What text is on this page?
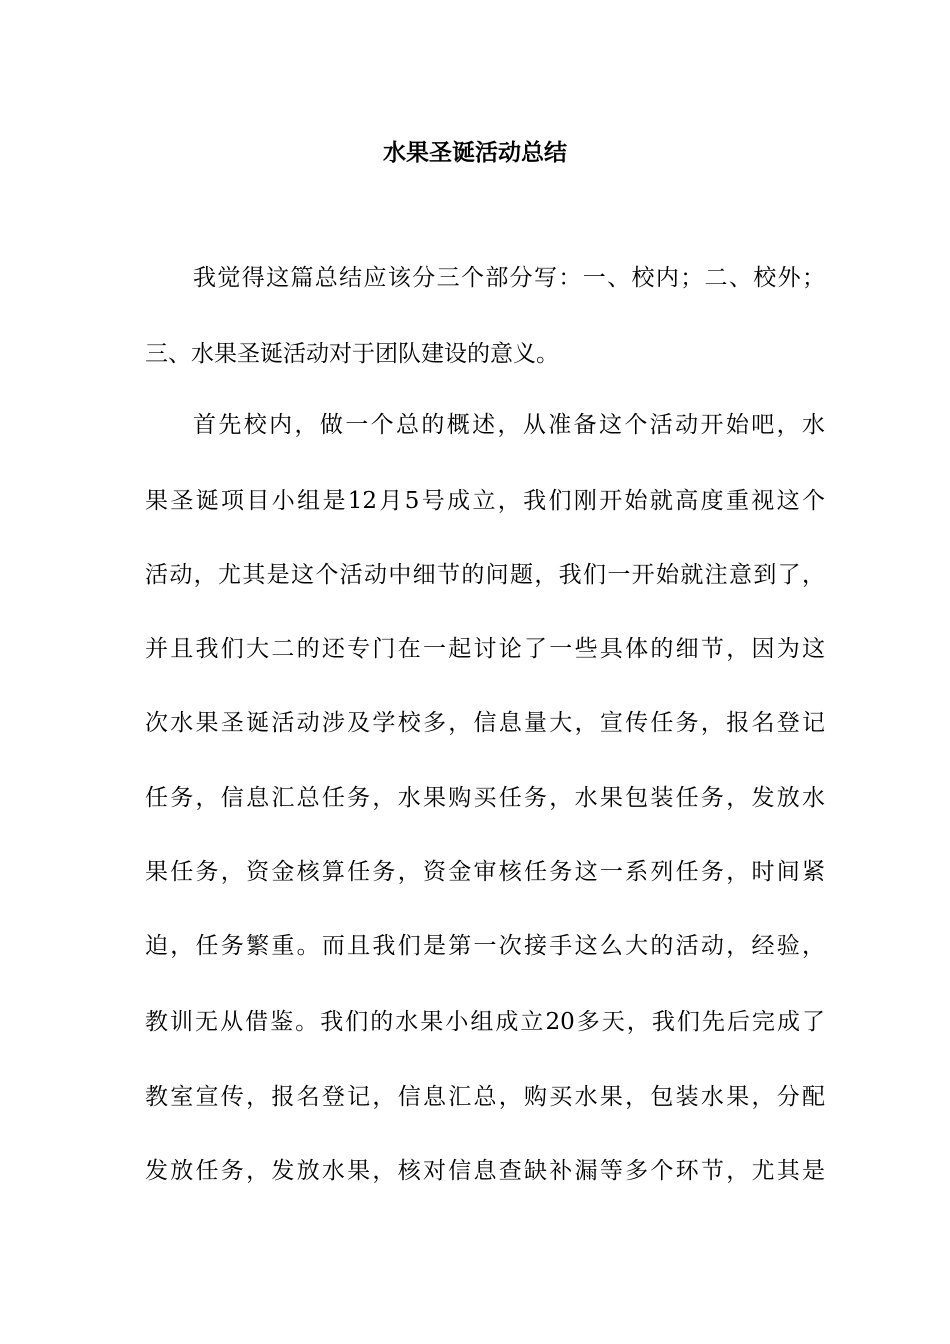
水果圣诞活动总结

我觉得这篇总结应该分三个部分写：一、校内；二、校外；

三、水果圣诞活动对于团队建设的意义。

首先校内，做一个总的概述，从准备这个活动开始吧，水

果圣诞项目小组是12月5号成立，我们刚开始就高度重视这个

活动，尤其是这个活动中细节的问题，我们一开始就注意到了，

并且我们大二的还专门在一起讨论了一些具体的细节，因为这

次水果圣诞活动涉及学校多，信息量大，宣传任务，报名登记

任务，信息汇总任务，水果购买任务，水果包装任务，发放水

果任务，资金核算任务，资金审核任务这一系列任务，时间紧

迫，任务繁重。而且我们是第一次接手这么大的活动，经验，

教训无从借鉴。我们的水果小组成立20多天，我们先后完成了

教室宣传，报名登记，信息汇总，购买水果，包装水果，分配

发放任务，发放水果，核对信息查缺补漏等多个环节，尤其是
